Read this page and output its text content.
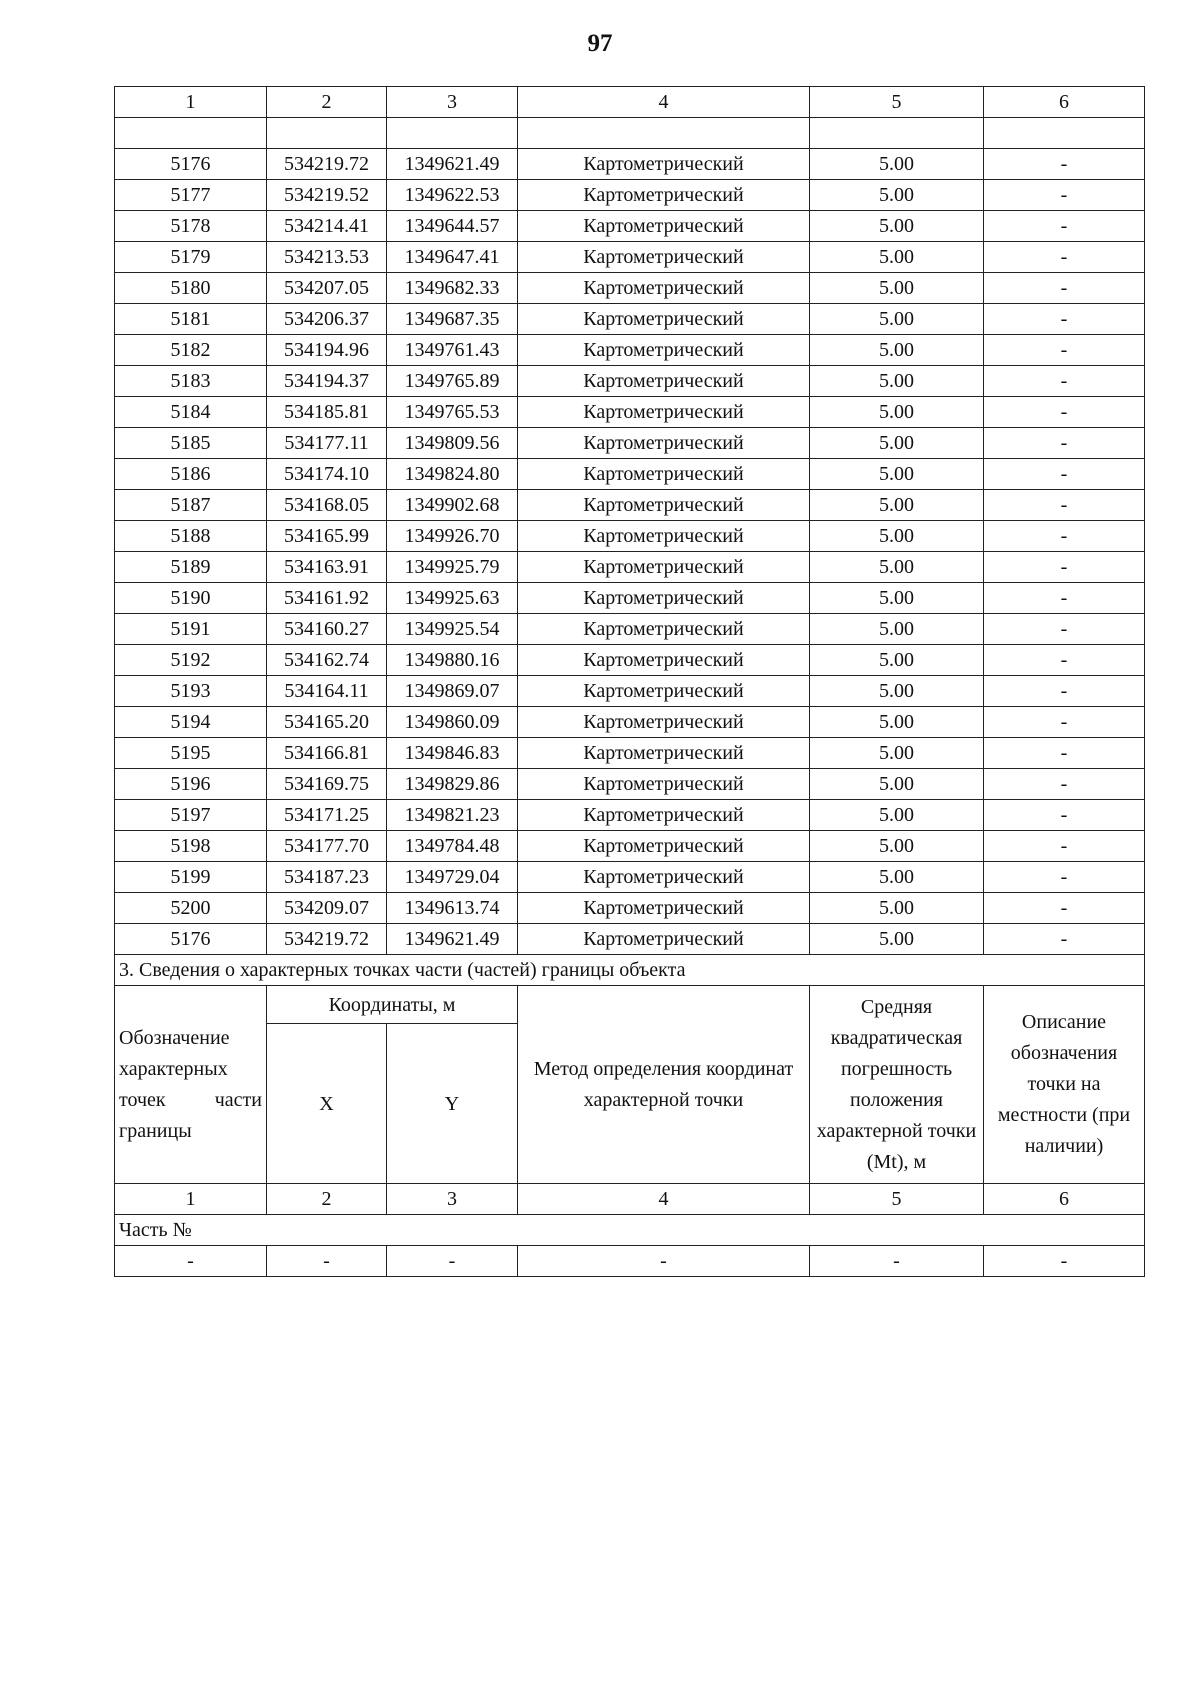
97
1	2	3	4	5	6

5176	534219.72	1349621.49	Картометрический	5.00	-
5177	534219.52	1349622.53	Картометрический	5.00	-
5178	534214.41	1349644.57	Картометрический	5.00	-
5179	534213.53	1349647.41	Картометрический	5.00	-
5180	534207.05	1349682.33	Картометрический	5.00	-
5181	534206.37	1349687.35	Картометрический	5.00	-
5182	534194.96	1349761.43	Картометрический	5.00	-
5183	534194.37	1349765.89	Картометрический	5.00	-
5184	534185.81	1349765.53	Картометрический	5.00	-
5185	534177.11	1349809.56	Картометрический	5.00	-
5186	534174.10	1349824.80	Картометрический	5.00	-
5187	534168.05	1349902.68	Картометрический	5.00	-
5188	534165.99	1349926.70	Картометрический	5.00	-
5189	534163.91	1349925.79	Картометрический	5.00	-
5190	534161.92	1349925.63	Картометрический	5.00	-
5191	534160.27	1349925.54	Картометрический	5.00	-
5192	534162.74	1349880.16	Картометрический	5.00	-
5193	534164.11	1349869.07	Картометрический	5.00	-
5194	534165.20	1349860.09	Картометрический	5.00	-
5195	534166.81	1349846.83	Картометрический	5.00	-
5196	534169.75	1349829.86	Картометрический	5.00	-
5197	534171.25	1349821.23	Картометрический	5.00	-
5198	534177.70	1349784.48	Картометрический	5.00	-
5199	534187.23	1349729.04	Картометрический	5.00	-
5200	534209.07	1349613.74	Картометрический	5.00	-
5176	534219.72	1349621.49	Картометрический	5.00	-
3. Сведения о характерных точках части (частей) границы объекта					
Обозначение характерных точек части границы	Координаты, м		Метод определения координат характерной точки	Средняя квадратическая погрешность положения характерной точки (Mt), м	Описание обозначения точки на местности (при наличии)
	X	Y			
1	2	3	4	5	6
Часть №					
-	-	-	-	-	-
